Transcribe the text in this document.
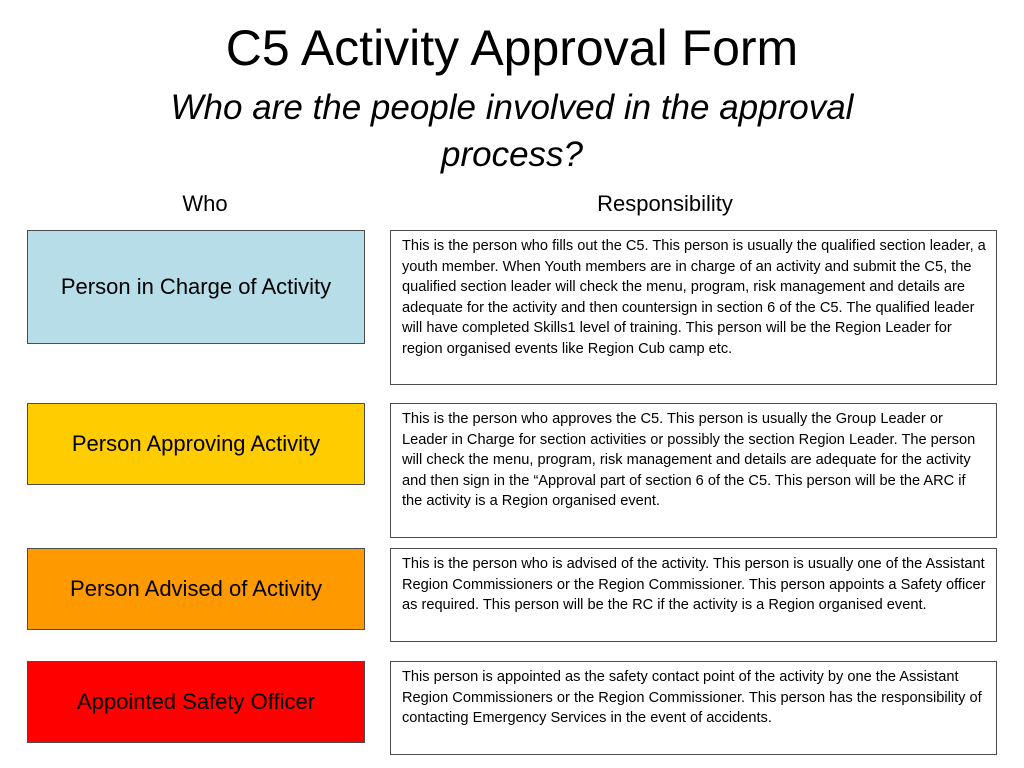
C5 Activity Approval Form
Who are the people involved in the approval process?
Who	Responsibility
Person in Charge of Activity
This is the person who fills out the C5. This person is usually the qualified section leader, a youth member. When Youth members are in charge of an activity and submit the C5, the qualified section leader will check the menu, program, risk management and details are adequate for the activity and then countersign in section 6 of the C5. The qualified leader will have completed Skills1 level of training. This person will be the Region Leader for region organised events like Region Cub camp etc.
Person Approving Activity
This is the person who approves the C5. This person is usually the Group Leader or Leader in Charge for section activities or possibly the section Region Leader. The person will check the menu, program, risk management and details are adequate for the activity and then sign in the “Approval part of section 6 of the C5. This person will be the ARC if the activity is a Region organised event.
Person Advised of Activity
This is the person who is advised of the activity. This person is usually one of the Assistant Region Commissioners or the Region Commissioner. This person appoints a Safety officer as required. This person will be the RC if the activity is a Region organised event.
Appointed Safety Officer
This person is appointed as the safety contact point of the activity by one the Assistant Region Commissioners or the Region Commissioner. This person has the responsibility of contacting Emergency Services in the event of accidents.
